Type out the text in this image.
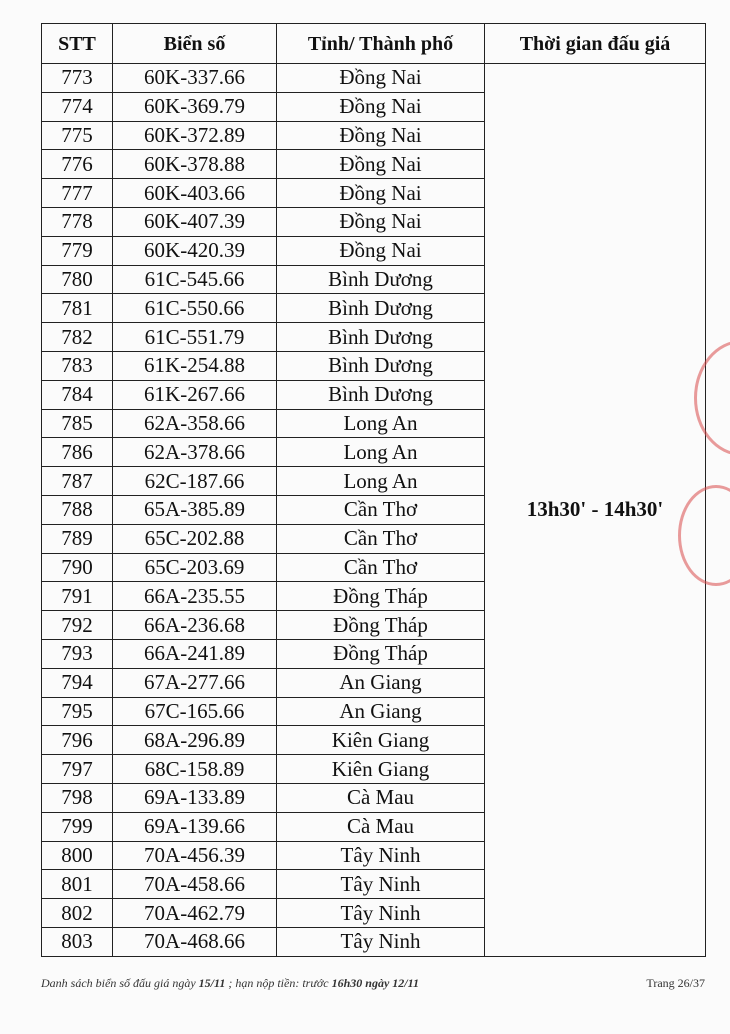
STT	Biển số	Tỉnh/ Thành phố	Thời gian đấu giá
773	60K-337.66	Đồng Nai	13h30' - 14h30'
774	60K-369.79	Đồng Nai	
775	60K-372.89	Đồng Nai	
776	60K-378.88	Đồng Nai	
777	60K-403.66	Đồng Nai	
778	60K-407.39	Đồng Nai	
779	60K-420.39	Đồng Nai	
780	61C-545.66	Bình Dương	
781	61C-550.66	Bình Dương	
782	61C-551.79	Bình Dương	
783	61K-254.88	Bình Dương	
784	61K-267.66	Bình Dương	
785	62A-358.66	Long An	
786	62A-378.66	Long An	
787	62C-187.66	Long An	
788	65A-385.89	Cần Thơ	
789	65C-202.88	Cần Thơ	
790	65C-203.69	Cần Thơ	
791	66A-235.55	Đồng Tháp	
792	66A-236.68	Đồng Tháp	
793	66A-241.89	Đồng Tháp	
794	67A-277.66	An Giang	
795	67C-165.66	An Giang	
796	68A-296.89	Kiên Giang	
797	68C-158.89	Kiên Giang	
798	69A-133.89	Cà Mau	
799	69A-139.66	Cà Mau	
800	70A-456.39	Tây Ninh	
801	70A-458.66	Tây Ninh	
802	70A-462.79	Tây Ninh	
803	70A-468.66	Tây Ninh	
Danh sách biển số đấu giá ngày 15/11 ; hạn nộp tiền: trước 16h30 ngày 12/11	Trang 26/37
